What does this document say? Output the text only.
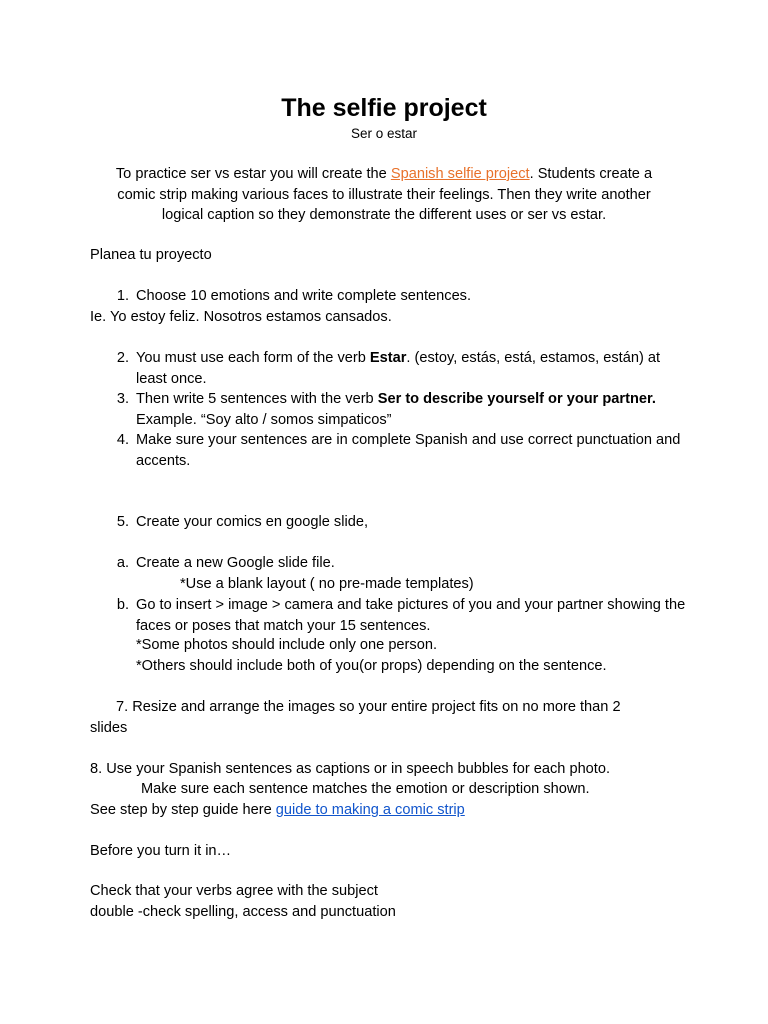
The selfie project
Ser o estar
To practice ser vs estar you will create the Spanish selfie project. Students create a comic strip making various faces to illustrate their feelings. Then they write another logical caption so they demonstrate the different uses or ser vs estar.
Planea tu proyecto
1. Choose 10 emotions and write complete sentences.
Ie. Yo estoy feliz. Nosotros estamos cansados.
2. You must use each form of the verb Estar. (estoy, estás, está, estamos, están) at least once.
3. Then write 5 sentences with the verb Ser to describe yourself or your partner.
Example. “Soy alto / somos simpaticos”
4. Make sure your sentences are in complete Spanish and use correct punctuation and accents.
5. Create your comics en google slide,
a. Create a new Google slide file.
*Use a blank layout ( no pre-made templates)
b. Go to insert > image > camera and take pictures of you and your partner showing the faces or poses that match your 15 sentences.
*Some photos should include only one person.
*Others should include both of you(or props) depending on the sentence.
7. Resize and arrange the images so your entire project fits on no more than 2
slides
8. Use your Spanish sentences as captions or in speech bubbles for each photo.
Make sure each sentence matches the emotion or description shown.
See step by step guide here guide to making a comic strip
Before you turn it in…
Check that your verbs agree with the subject
double -check spelling, access and punctuation
